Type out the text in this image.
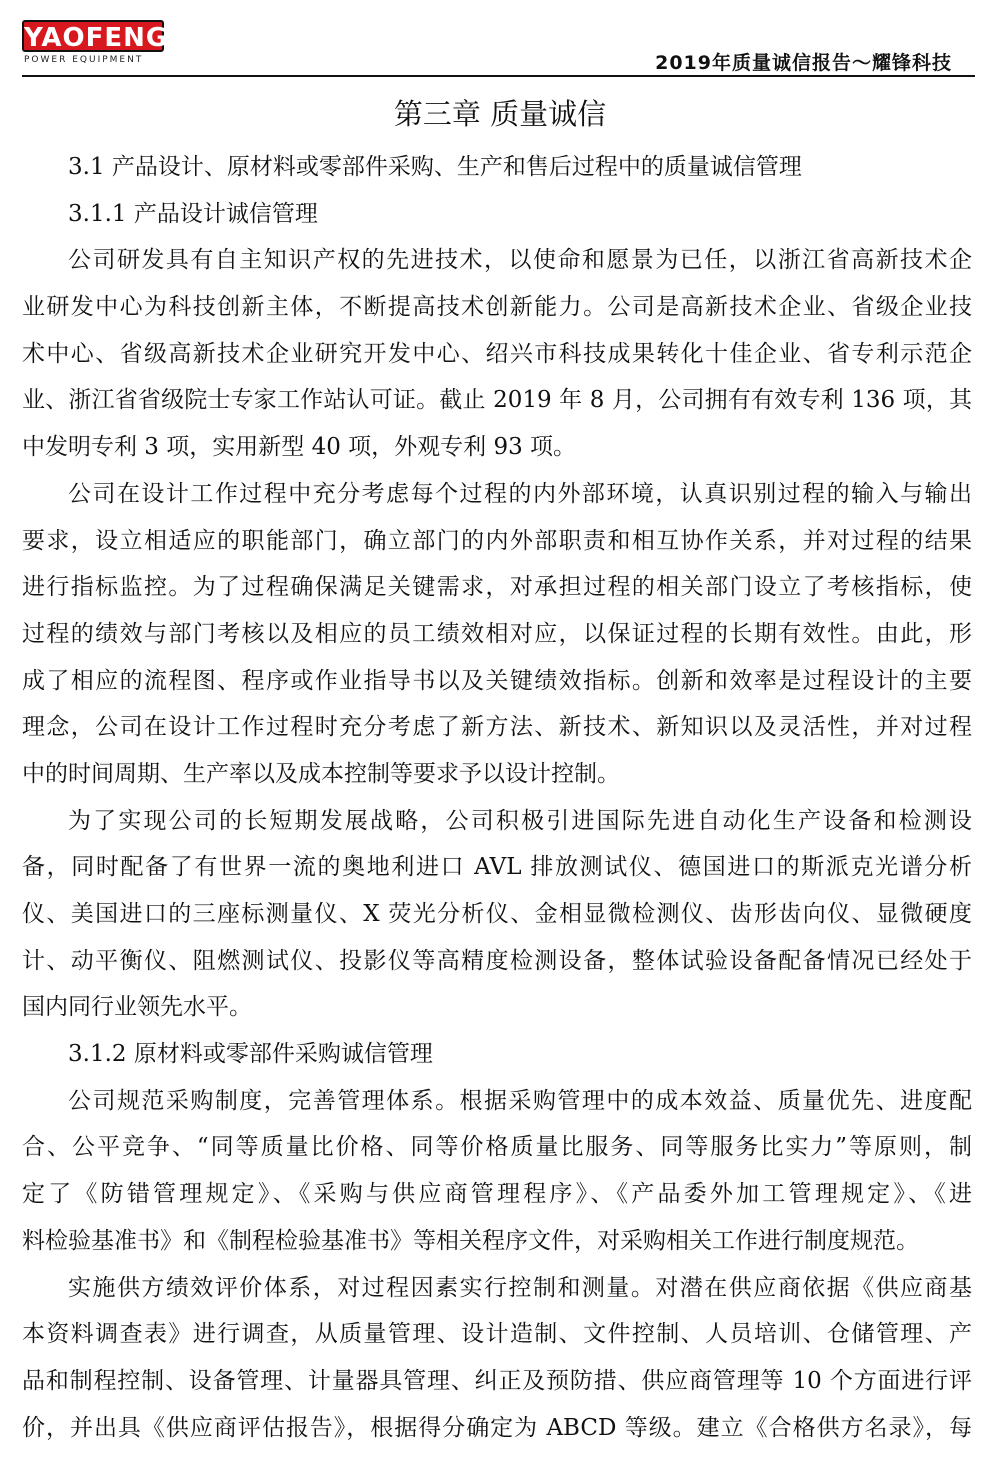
YAOFENG
POWER EQUIPMENT	2019年质量诚信报告～耀锋科技
第三章 质量诚信
3.1 产品设计、原材料或零部件采购、生产和售后过程中的质量诚信管理
3.1.1 产品设计诚信管理
公司研发具有自主知识产权的先进技术，以使命和愿景为已任，以浙江省高新技术企
业研发中心为科技创新主体，不断提高技术创新能力。公司是高新技术企业、省级企业技
术中心、省级高新技术企业研究开发中心、绍兴市科技成果转化十佳企业、省专利示范企
业、浙江省省级院士专家工作站认可证。截止 2019 年 8 月，公司拥有有效专利 136 项，其
中发明专利 3 项，实用新型 40 项，外观专利 93 项。
公司在设计工作过程中充分考虑每个过程的内外部环境，认真识别过程的输入与输出
要求，设立相适应的职能部门，确立部门的内外部职责和相互协作关系，并对过程的结果
进行指标监控。为了过程确保满足关键需求，对承担过程的相关部门设立了考核指标，使
过程的绩效与部门考核以及相应的员工绩效相对应，以保证过程的长期有效性。由此，形
成了相应的流程图、程序或作业指导书以及关键绩效指标。创新和效率是过程设计的主要
理念，公司在设计工作过程时充分考虑了新方法、新技术、新知识以及灵活性，并对过程
中的时间周期、生产率以及成本控制等要求予以设计控制。
为了实现公司的长短期发展战略，公司积极引进国际先进自动化生产设备和检测设
备，同时配备了有世界一流的奥地利进口 AVL 排放测试仪、德国进口的斯派克光谱分析
仪、美国进口的三座标测量仪、X 荧光分析仪、金相显微检测仪、齿形齿向仪、显微硬度
计、动平衡仪、阻燃测试仪、投影仪等高精度检测设备，整体试验设备配备情况已经处于
国内同行业领先水平。
3.1.2 原材料或零部件采购诚信管理
公司规范采购制度，完善管理体系。根据采购管理中的成本效益、质量优先、进度配
合、公平竞争、“同等质量比价格、同等价格质量比服务、同等服务比实力”等原则，制
定了《防错管理规定》、《采购与供应商管理程序》、《产品委外加工管理规定》、《进
料检验基准书》和《制程检验基准书》等相关程序文件，对采购相关工作进行制度规范。
实施供方绩效评价体系，对过程因素实行控制和测量。对潜在供应商依据《供应商基
本资料调查表》进行调查，从质量管理、设计造制、文件控制、人员培训、仓储管理、产
品和制程控制、设备管理、计量器具管理、纠正及预防措、供应商管理等 10 个方面进行评
价，并出具《供应商评估报告》，根据得分确定为 ABCD 等级。建立《合格供方名录》，每
